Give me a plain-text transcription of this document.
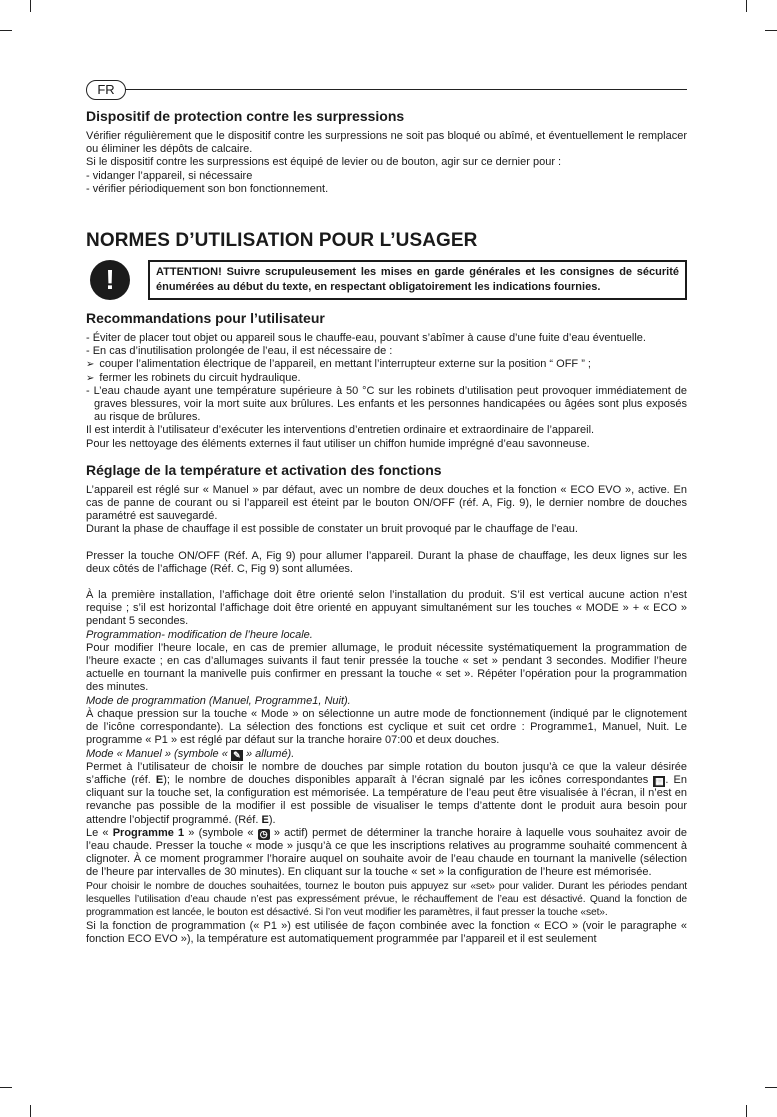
FR
Dispositif de protection contre les surpressions

Vérifier régulièrement que le dispositif contre les surpressions ne soit pas bloqué ou abîmé, et éventuellement le remplacer ou éliminer les dépôts de calcaire.

Si le dispositif contre les surpressions est équipé de levier ou de bouton, agir sur ce dernier pour :

- vidanger l’appareil, si nécessaire

- vérifier périodiquement son bon fonctionnement.

NORMES D’UTILISATION POUR L’USAGER
!	ATTENTION! Suivre scrupuleusement les mises en garde générales et les consignes de sécurité énumérées au début du texte, en respectant obligatoirement les indications fournies.

Recommandations pour l’utilisateur

- Éviter de placer tout objet ou appareil sous le chauffe-eau, pouvant s’abîmer à cause d’une fuite d’eau éventuelle.

- En cas d’inutilisation prolongée de l’eau, il est nécessaire de :

➢ couper l’alimentation électrique de l’appareil, en mettant l’interrupteur externe sur la position “ OFF ” ;

➢ fermer les robinets du circuit hydraulique.

- L’eau chaude ayant une température supérieure à 50 °C sur les robinets d’utilisation peut provoquer immédiatement de graves blessures, voir la mort suite aux brûlures. Les enfants et les personnes handicapées ou âgées sont plus exposés au risque de brûlures.

Il est interdit à l’utilisateur d’exécuter les interventions d’entretien ordinaire et extraordinaire de l’appareil.

Pour les nettoyage des éléments externes il faut utiliser un chiffon humide imprégné d’eau savonneuse.

Réglage de la température et activation des fonctions

L’appareil est réglé sur « Manuel » par défaut, avec un nombre de deux douches et la fonction « ECO EVO », active. En cas de panne de courant ou si l’appareil est éteint par le bouton ON/OFF (réf. A, Fig. 9), le dernier nombre de douches paramétré est sauvegardé.

Durant la phase de chauffage il est possible de constater un bruit provoqué par le chauffage de l’eau.

Presser la touche ON/OFF (Réf. A, Fig 9) pour allumer l’appareil. Durant la phase de chauffage, les deux lignes sur les deux côtés de l’affichage (Réf. C, Fig 9) sont allumées.

À la première installation, l’affichage doit être orienté selon l’installation du produit. S’il est vertical aucune action n’est requise ; s’il est horizontal l’affichage doit être orienté en appuyant simultanément sur les touches « MODE » + « ECO » pendant 5 secondes.

Programmation- modification de l’heure locale.

Pour modifier l’heure locale, en cas de premier allumage, le produit nécessite systématiquement la programmation de l’heure exacte ; en cas d’allumages suivants il faut tenir pressée la touche « set » pendant 3 secondes. Modifier l’heure actuelle en tournant la manivelle puis confirmer en pressant la touche « set ». Répéter l’opération pour la programmation des minutes.

Mode de programmation (Manuel, Programme1, Nuit).

À chaque pression sur la touche « Mode » on sélectionne un autre mode de fonctionnement (indiqué par le clignotement de l’icône correspondante). La sélection des fonctions est cyclique et suit cet ordre : Programme1, Manuel, Nuit. Le programme « P1 » est réglé par défaut sur la tranche horaire 07:00 et deux douches.

Mode « Manuel » (symbole « ✎ » allumé).

Permet à l’utilisateur de choisir le nombre de douches par simple rotation du bouton jusqu’à ce que la valeur désirée s’affiche (réf. E); le nombre de douches disponibles apparaît à l’écran signalé par les icônes correspondantes ▦ . En cliquant sur la touche set, la configuration est mémorisée. La température de l’eau peut être visualisée à l’écran, il n’est en revanche pas possible de la modifier il est possible de visualiser le temps d’attente dont le produit aura besoin pour attendre l’objectif programmé. (Réf. E).

Le « Programme 1 » (symbole « ◷ » actif) permet de déterminer la tranche horaire à laquelle vous souhaitez avoir de l’eau chaude. Presser la touche « mode » jusqu’à ce que les inscriptions relatives au programme souhaité commencent à clignoter. À ce moment programmer l’horaire auquel on souhaite avoir de l’eau chaude en tournant la manivelle (sélection de l’heure par intervalles de 30 minutes). En cliquant sur la touche « set » la configuration de l’heure est mémorisée.

Pour choisir le nombre de douches souhaitées, tournez le bouton puis appuyez sur «set» pour valider. Durant les périodes pendant lesquelles l’utilisation d’eau chaude n’est pas expressément prévue, le réchauffement de l’eau est désactivé. Quand la fonction de programmation est lancée, le bouton est désactivé. Si l’on veut modifier les paramètres, il faut presser la touche «set».

Si la fonction de programmation (« P1 ») est utilisée de façon combinée avec la fonction « ECO » (voir le paragraphe « fonction ECO EVO »), la température est automatiquement programmée par l’appareil et il est seulement
